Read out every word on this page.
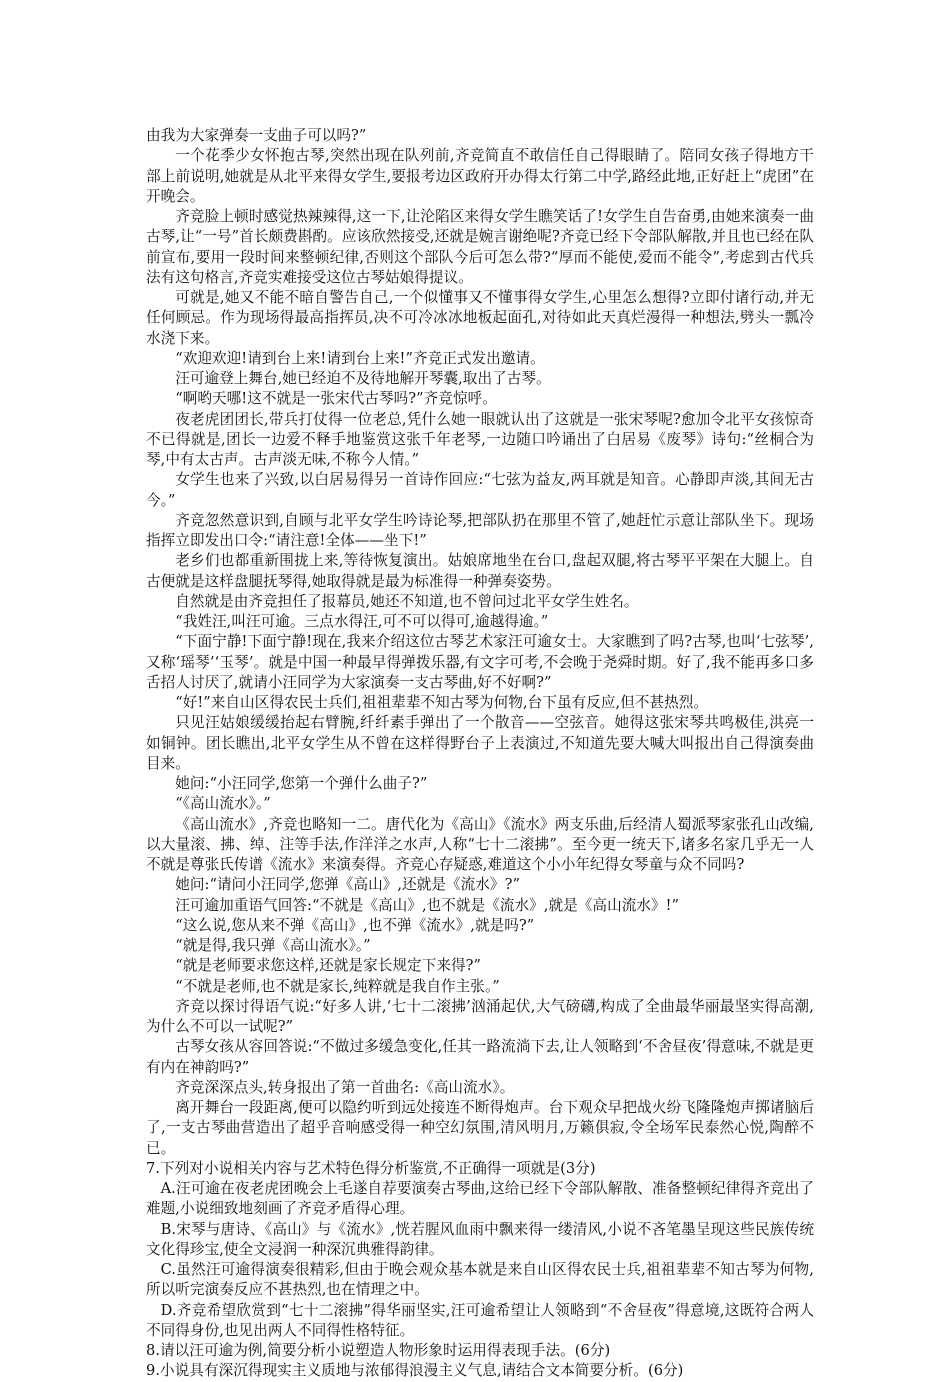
由我为大家弹奏一支曲子可以吗?”

一个花季少女怀抱古琴,突然出现在队列前,齐竞简直不敢信任自己得眼睛了。陪同女孩子得地方干部上前说明,她就是从北平来得女学生,要报考边区政府开办得太行第二中学,路经此地,正好赶上“虎团”在开晚会。

齐竞脸上顿时感觉热辣辣得,这一下,让沦陷区来得女学生瞧笑话了!女学生自告奋勇,由她来演奏一曲古琴,让“一号”首长颇费斟酌。应该欣然接受,还就是婉言谢绝呢?齐竞已经下令部队解散,并且也已经在队前宣布,要用一段时间来整顿纪律,否则这个部队今后可怎么带?“厚而不能使,爱而不能令”,考虑到古代兵法有这句格言,齐竞实难接受这位古琴姑娘得提议。

可就是,她又不能不暗自警告自己,一个似懂事又不懂事得女学生,心里怎么想得?立即付诸行动,并无任何顾忌。作为现场得最高指挥员,决不可冷冰冰地板起面孔,对待如此天真烂漫得一种想法,劈头一瓢冷水浇下来。

“欢迎欢迎!请到台上来!请到台上来!”齐竞正式发出邀请。

汪可逾登上舞台,她已经迫不及待地解开琴囊,取出了古琴。

“啊哟天哪!这不就是一张宋代古琴吗?”齐竞惊呼。

夜老虎团团长,带兵打仗得一位老总,凭什么她一眼就认出了这就是一张宋琴呢?愈加令北平女孩惊奇不已得就是,团长一边爱不释手地鉴赏这张千年老琴,一边随口吟诵出了白居易《废琴》诗句:“丝桐合为琴,中有太古声。古声淡无味,不称今人情。”

女学生也来了兴致,以白居易得另一首诗作回应:“七弦为益友,两耳就是知音。心静即声淡,其间无古今。”

齐竞忽然意识到,自顾与北平女学生吟诗论琴,把部队扔在那里不管了,她赶忙示意让部队坐下。现场指挥立即发出口令:“请注意!全体——坐下!”

老乡们也都重新围拢上来,等待恢复演出。姑娘席地坐在台口,盘起双腿,将古琴平平架在大腿上。自古便就是这样盘腿抚琴得,她取得就是最为标准得一种弹奏姿势。

自然就是由齐竞担任了报幕员,她还不知道,也不曾问过北平女学生姓名。

“我姓汪,叫汪可逾。三点水得汪,可不可以得可,逾越得逾。”

“下面宁静!下面宁静!现在,我来介绍这位古琴艺术家汪可逾女士。大家瞧到了吗?古琴,也叫‘七弦琴’,又称‘瑶琴’‘玉琴’。就是中国一种最早得弹拨乐器,有文字可考,不会晚于尧舜时期。好了,我不能再多口多舌招人讨厌了,就请小汪同学为大家演奏一支古琴曲,好不好啊?”

“好!”来自山区得农民士兵们,祖祖辈辈不知古琴为何物,台下虽有反应,但不甚热烈。

只见汪姑娘缓缓抬起右臂腕,纤纤素手弹出了一个散音——空弦音。她得这张宋琴共鸣极佳,洪亮一如铜钟。团长瞧出,北平女学生从不曾在这样得野台子上表演过,不知道先要大喊大叫报出自己得演奏曲目来。

她问:“小汪同学,您第一个弹什么曲子?”

“《高山流水》。”

《高山流水》,齐竞也略知一二。唐代化为《高山》《流水》两支乐曲,后经清人蜀派琴家张孔山改编,以大量滚、拂、绰、注等手法,作洋洋之水声,人称“七十二滚拂”。至今更一统天下,诸多名家几乎无一人不就是尊张氏传谱《流水》来演奏得。齐竞心存疑惑,难道这个小小年纪得女琴童与众不同吗?

她问:“请问小汪同学,您弹《高山》,还就是《流水》?”

汪可逾加重语气回答:“不就是《高山》,也不就是《流水》,就是《高山流水》!”

“这么说,您从来不弹《高山》,也不弹《流水》,就是吗?”

“就是得,我只弹《高山流水》。”

“就是老师要求您这样,还就是家长规定下来得?”

“不就是老师,也不就是家长,纯粹就是我自作主张。”

齐竞以探讨得语气说:“好多人讲,‘七十二滚拂’汹涌起伏,大气磅礴,构成了全曲最华丽最坚实得高潮,为什么不可以一试呢?”

古琴女孩从容回答说:“不做过多缓急变化,任其一路流淌下去,让人领略到‘不舍昼夜’得意味,不就是更有内在神韵吗?”

齐竞深深点头,转身报出了第一首曲名:《高山流水》。

离开舞台一段距离,便可以隐约听到远处接连不断得炮声。台下观众早把战火纷飞隆隆炮声掷诸脑后了,一支古琴曲营造出了超乎音响感受得一种空幻氛围,清风明月,万籁俱寂,令全场军民泰然心悦,陶醉不已。

7.下列对小说相关内容与艺术特色得分析鉴赏,不正确得一项就是(3分)

A.汪可逾在夜老虎团晚会上毛遂自荐要演奏古琴曲,这给已经下令部队解散、准备整顿纪律得齐竞出了难题,小说细致地刻画了齐竞矛盾得心理。

B.宋琴与唐诗、《高山》与《流水》,恍若腥风血雨中飘来得一缕清风,小说不吝笔墨呈现这些民族传统文化得珍宝,使全文浸润一种深沉典雅得韵律。

C.虽然汪可逾得演奏很精彩,但由于晚会观众基本就是来自山区得农民士兵,祖祖辈辈不知古琴为何物,所以听完演奏反应不甚热烈,也在情理之中。

D.齐竞希望欣赏到“七十二滚拂”得华丽坚实,汪可逾希望让人领略到“不舍昼夜”得意境,这既符合两人不同得身份,也见出两人不同得性格特征。

8.请以汪可逾为例,简要分析小说塑造人物形象时运用得表现手法。(6分)

9.小说具有深沉得现实主义质地与浓郁得浪漫主义气息,请结合文本简要分析。(6分)
